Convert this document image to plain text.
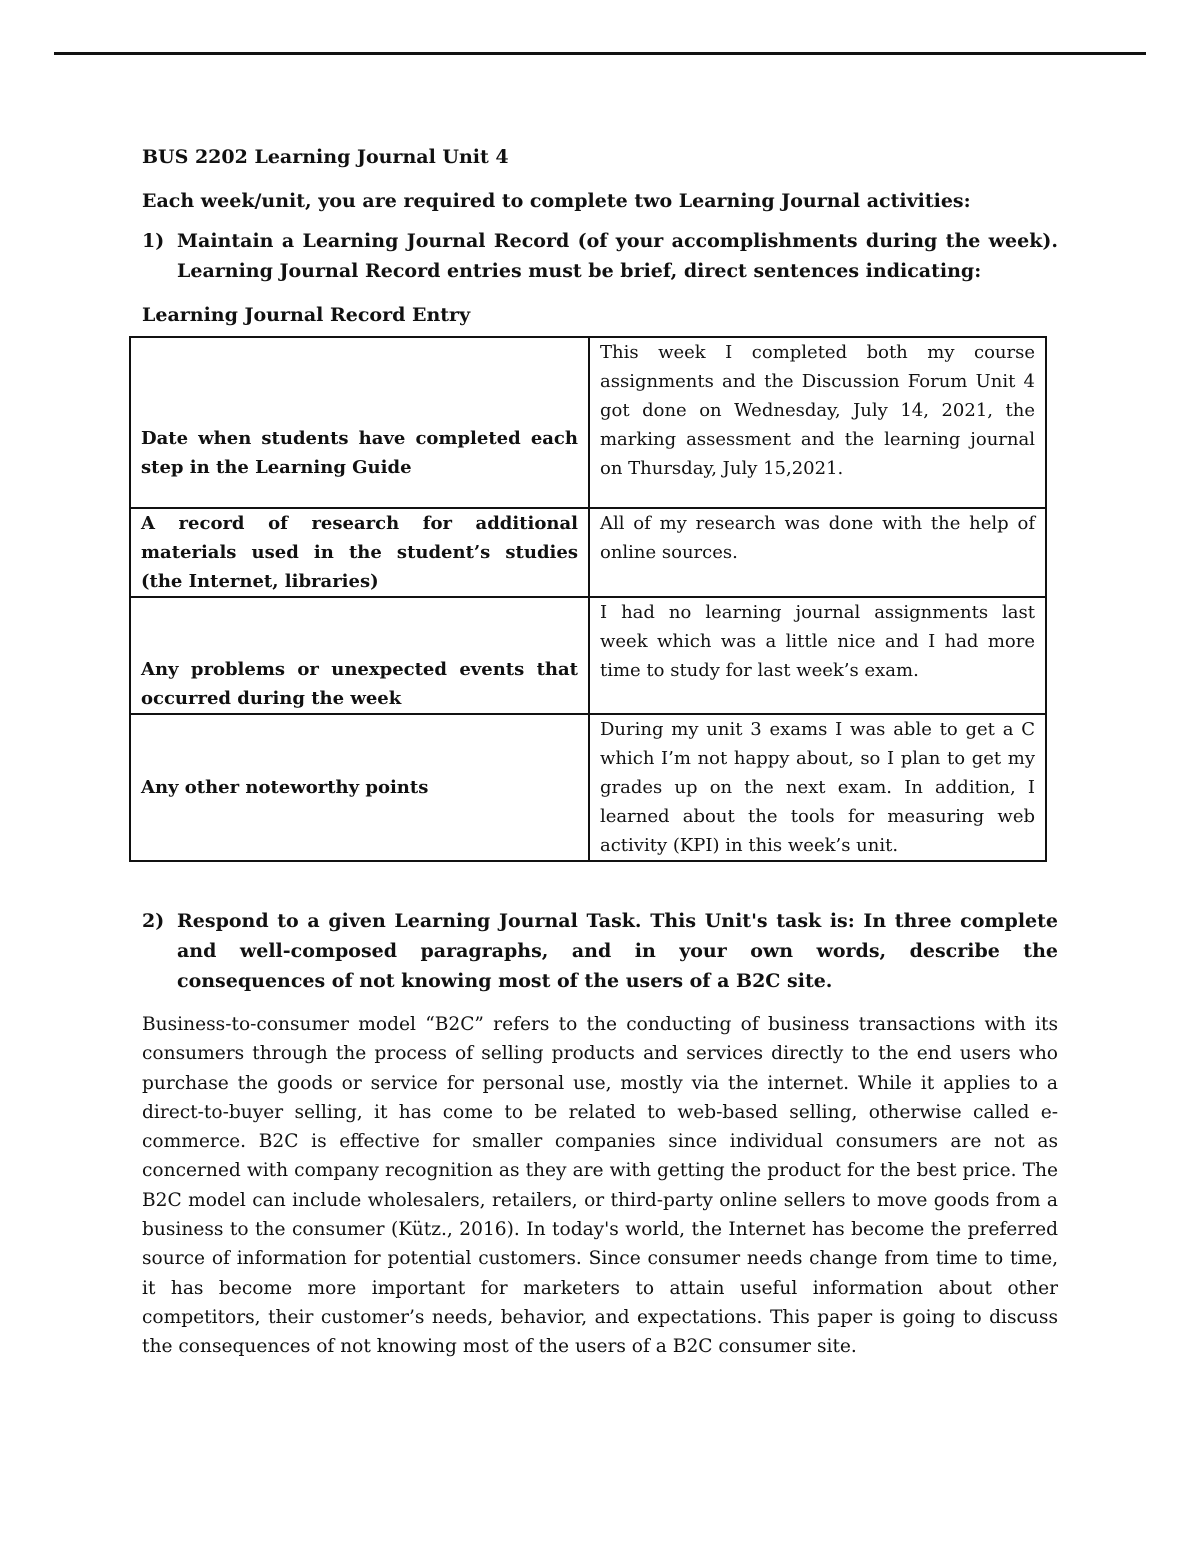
BUS 2202 Learning Journal Unit 4
Each week/unit, you are required to complete two Learning Journal activities:
1) Maintain a Learning Journal Record (of your accomplishments during the week). Learning Journal Record entries must be brief, direct sentences indicating:
Learning Journal Record Entry
Date when students have completed each step in the Learning Guide	This week I completed both my course assignments and the Discussion Forum Unit 4 got done on Wednesday, July 14, 2021, the marking assessment and the learning journal on Thursday, July 15,2021.
A record of research for additional materials used in the student’s studies (the Internet, libraries)	All of my research was done with the help of online sources.
Any problems or unexpected events that occurred during the week	I had no learning journal assignments last week which was a little nice and I had more time to study for last week’s exam.
Any other noteworthy points	During my unit 3 exams I was able to get a C which I’m not happy about, so I plan to get my grades up on the next exam. In addition, I learned about the tools for measuring web activity (KPI) in this week’s unit.
2) Respond to a given Learning Journal Task. This Unit's task is: In three complete and well-composed paragraphs, and in your own words, describe the consequences of not knowing most of the users of a B2C site.
Business-to-consumer model “B2C” refers to the conducting of business transactions with its consumers through the process of selling products and services directly to the end users who purchase the goods or service for personal use, mostly via the internet. While it applies to a direct-to-buyer selling, it has come to be related to web-based selling, otherwise called e-commerce. B2C is effective for smaller companies since individual consumers are not as concerned with company recognition as they are with getting the product for the best price. The B2C model can include wholesalers, retailers, or third-party online sellers to move goods from a business to the consumer (Kütz., 2016). In today's world, the Internet has become the preferred source of information for potential customers. Since consumer needs change from time to time, it has become more important for marketers to attain useful information about other competitors, their customer’s needs, behavior, and expectations. This paper is going to discuss the consequences of not knowing most of the users of a B2C consumer site.
